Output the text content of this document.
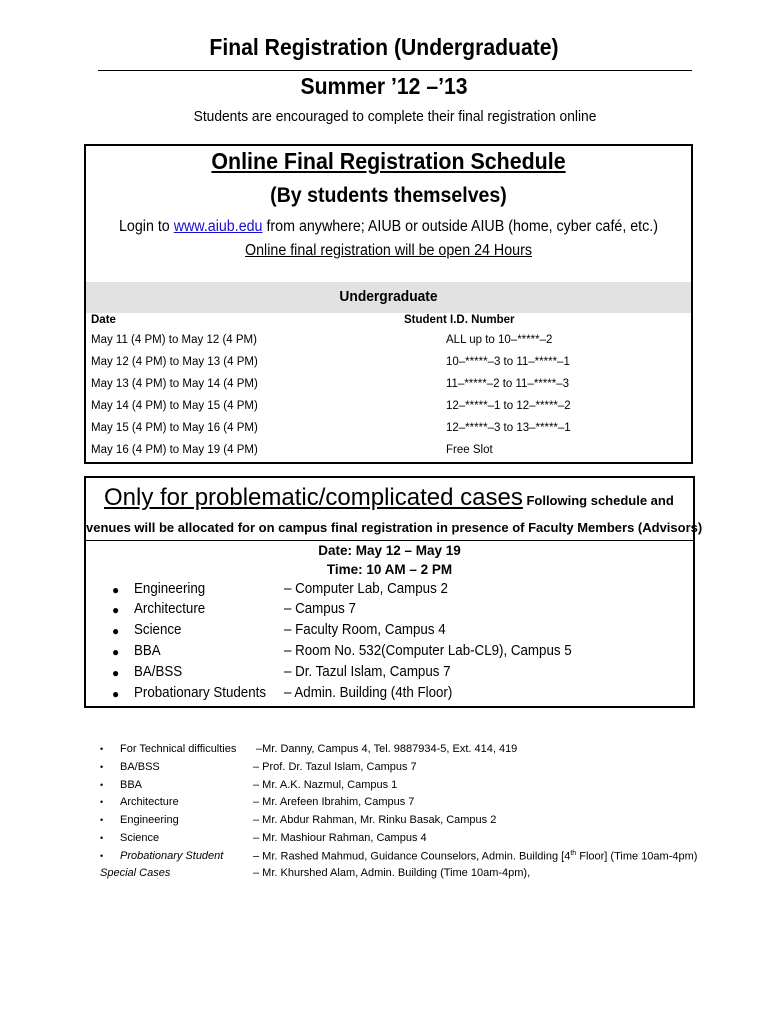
Final Registration (Undergraduate)
Summer ’12 –’13
Students are encouraged to complete their final registration online
Online Final Registration Schedule
(By students themselves)
Login to www.aiub.edu from anywhere; AIUB or outside AIUB (home, cyber café, etc.)
Online final registration will be open 24 Hours
Undergraduate
Date	Student I.D. Number
May 11 (4 PM) to May 12 (4 PM)	ALL up to 10–*****–2
May 12 (4 PM) to May 13 (4 PM)	10–*****–3 to 11–*****–1
May 13 (4 PM) to May 14 (4 PM)	11–*****–2 to 11–*****–3
May 14 (4 PM) to May 15 (4 PM)	12–*****–1 to 12–*****–2
May 15 (4 PM) to May 16 (4 PM)	12–*****–3 to 13–*****–1
May 16 (4 PM) to May 19 (4 PM)	Free Slot
Only for problematic/complicated cases Following schedule and
venues will be allocated for on campus final registration in presence of Faculty Members (Advisors)
Date: May 12 – May 19
Time: 10 AM – 2 PM
● Engineering	– Computer Lab, Campus 2
● Architecture	– Campus 7
● Science	– Faculty Room, Campus 4
● BBA	– Room No. 532(Computer Lab-CL9), Campus 5
● BA/BSS	– Dr. Tazul Islam, Campus 7
● Probationary Students – Admin. Building (4th Floor)
• For Technical difficulties –Mr. Danny, Campus 4, Tel. 9887934-5, Ext. 414, 419
• BA/BSS	– Prof. Dr. Tazul Islam, Campus 7
• BBA	– Mr. A.K. Nazmul, Campus 1
• Architecture	– Mr. Arefeen Ibrahim, Campus 7
• Engineering	– Mr. Abdur Rahman, Mr. Rinku Basak, Campus 2
• Science	– Mr. Mashiour Rahman, Campus 4
• Probationary Student	– Mr. Rashed Mahmud, Guidance Counselors, Admin. Building [4th Floor] (Time 10am-4pm)
Special Cases	– Mr. Khurshed Alam, Admin. Building (Time 10am-4pm),
